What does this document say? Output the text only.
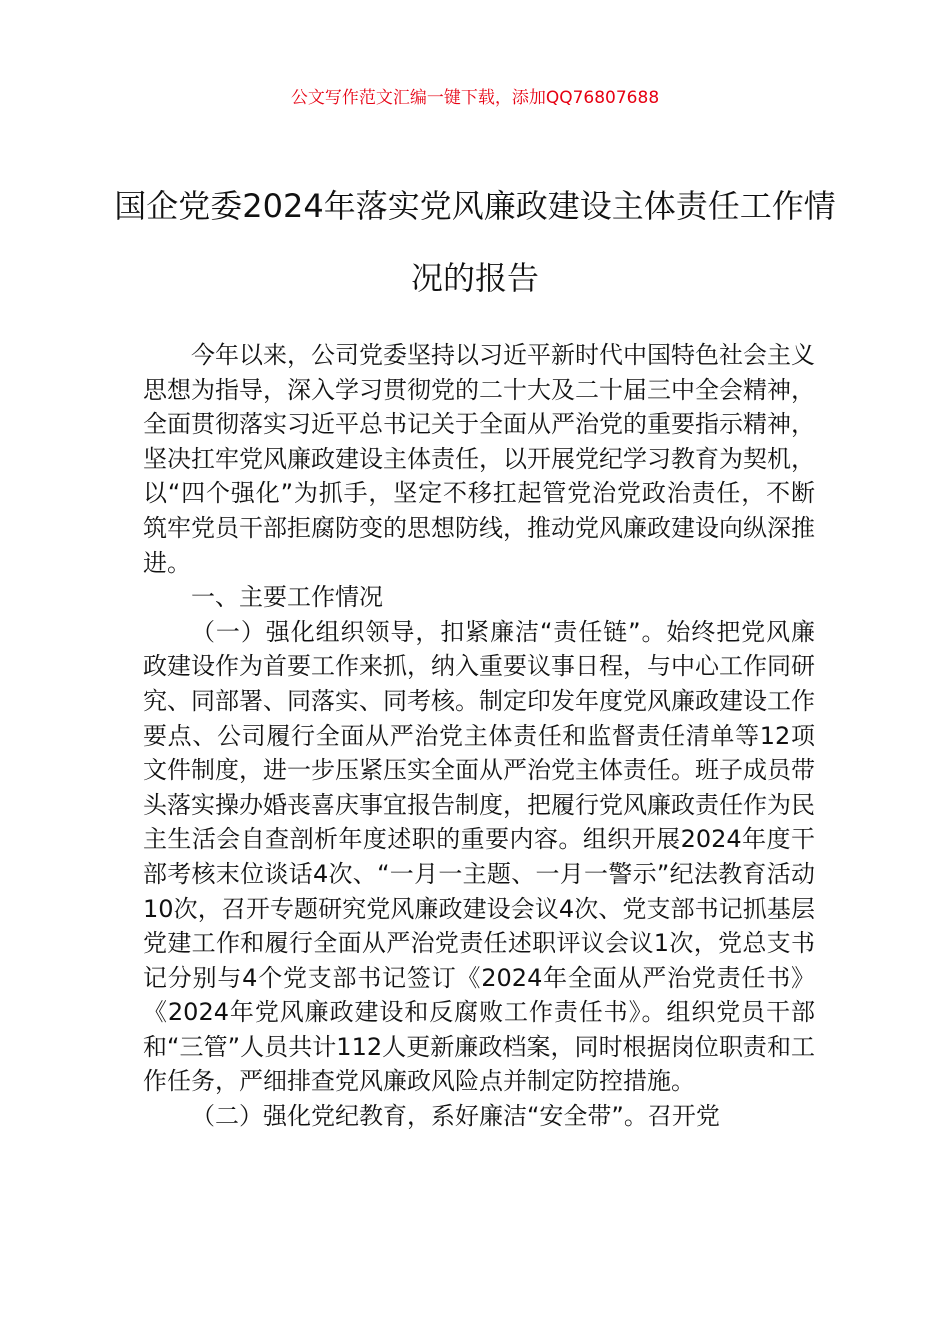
公文写作范文汇编一键下载，添加QQ76807688
国企党委2024年落实党风廉政建设主体责任工作情况的报告

今年以来，公司党委坚持以习近平新时代中国特色社会主义思想为指导，深入学习贯彻党的二十大及二十届三中全会精神，全面贯彻落实习近平总书记关于全面从严治党的重要指示精神，坚决扛牢党风廉政建设主体责任，以开展党纪学习教育为契机，以“四个强化”为抓手，坚定不移扛起管党治党政治责任，不断筑牢党员干部拒腐防变的思想防线，推动党风廉政建设向纵深推进。

一、主要工作情况

（一）强化组织领导，扣紧廉洁“责任链”。始终把党风廉政建设作为首要工作来抓，纳入重要议事日程，与中心工作同研究、同部署、同落实、同考核。制定印发年度党风廉政建设工作要点、公司履行全面从严治党主体责任和监督责任清单等12项文件制度，进一步压紧压实全面从严治党主体责任。班子成员带头落实操办婚丧喜庆事宜报告制度，把履行党风廉政责任作为民主生活会自查剖析年度述职的重要内容。组织开展2024年度干部考核末位谈话4次、“一月一主题、一月一警示”纪法教育活动10次，召开专题研究党风廉政建设会议4次、党支部书记抓基层党建工作和履行全面从严治党责任述职评议会议1次，党总支书记分别与4个党支部书记签订《2024年全面从严治党责任书》《2024年党风廉政建设和反腐败工作责任书》。组织党员干部和“三管”人员共计112人更新廉政档案，同时根据岗位职责和工作任务，严细排查党风廉政风险点并制定防控措施。

（二）强化党纪教育，系好廉洁“安全带”。召开党
